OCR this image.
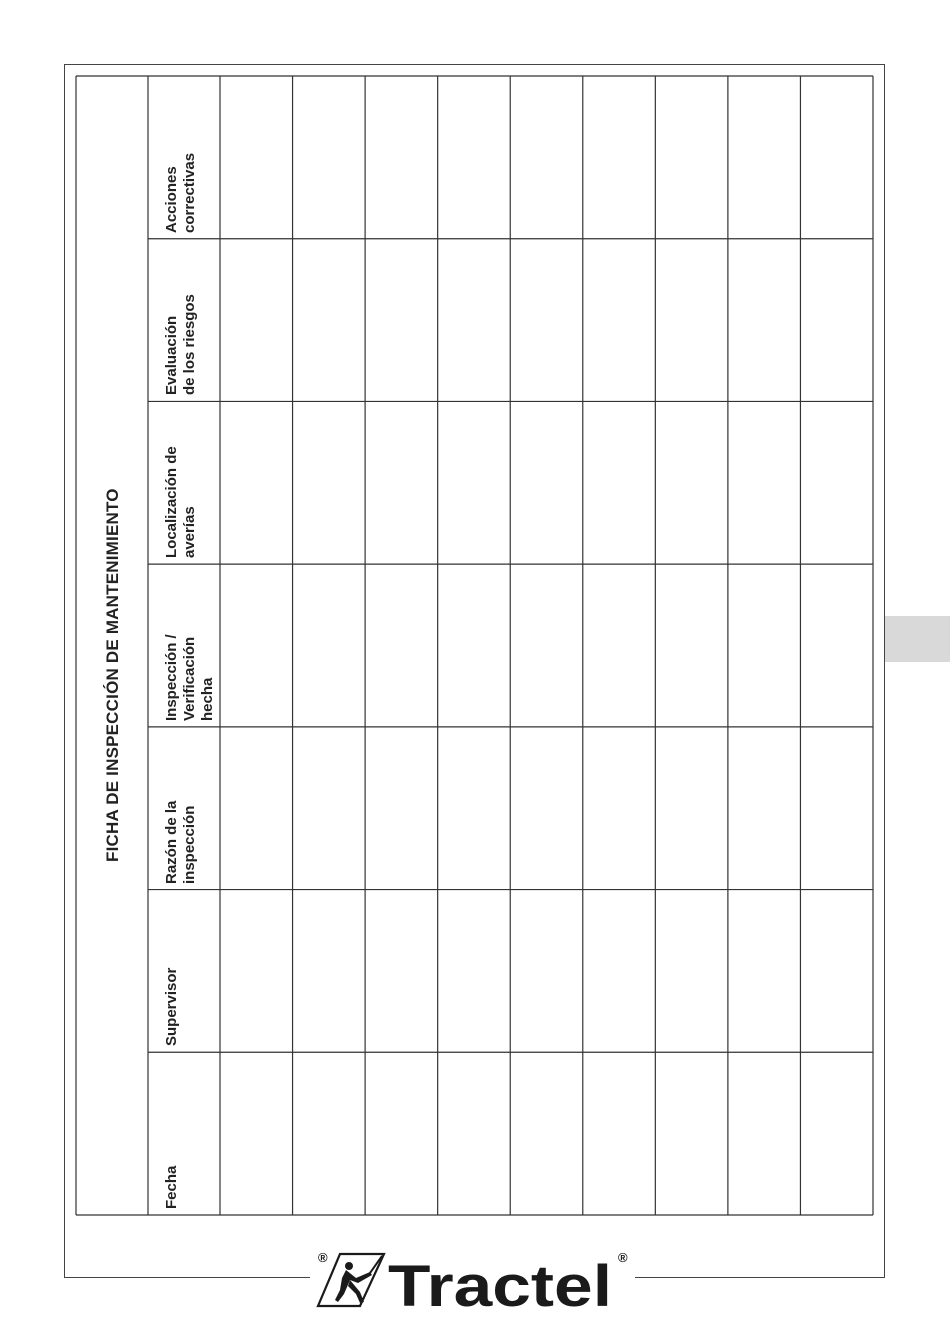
FICHA DE INSPECCIÓN DE MANTENIMIENTO
Fecha
Supervisor
Razón de la
inspección
Inspección /
Verificación
hecha
Localización de
averías
Evaluación
de los riesgos
Acciones
correctivas
® Tractel ®
